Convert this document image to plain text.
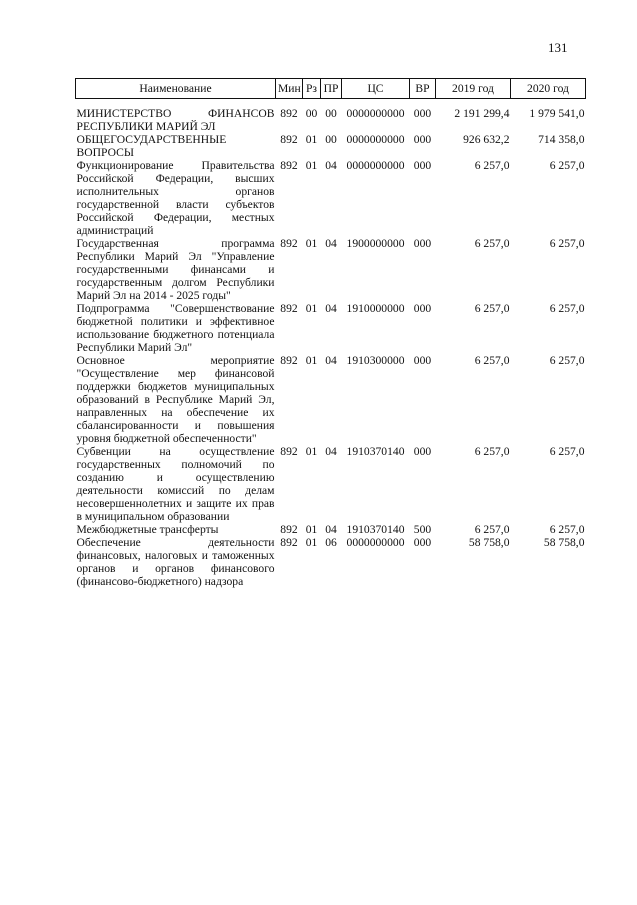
131
Наименование	Мин	Рз	ПР	ЦС	ВР	2019 год	2020 год
МИНИСТЕРСТВО ФИНАНСОВ РЕСПУБЛИКИ МАРИЙ ЭЛ	892	00	00	0000000000	000	2 191 299,4	1 979 541,0
ОБЩЕГОСУДАРСТВЕННЫЕ ВОПРОСЫ	892	01	00	0000000000	000	926 632,2	714 358,0
Функционирование Правительства Российской Федерации, высших исполнительных органов государственной власти субъектов Российской Федерации, местных администраций	892	01	04	0000000000	000	6 257,0	6 257,0
Государственная программа Республики Марий Эл "Управление государственными финансами и государственным долгом Республики Марий Эл на 2014 - 2025 годы"	892	01	04	1900000000	000	6 257,0	6 257,0
Подпрограмма "Совершенствование бюджетной политики и эффективное использование бюджетного потенциала Республики Марий Эл"	892	01	04	1910000000	000	6 257,0	6 257,0
Основное мероприятие "Осуществление мер финансовой поддержки бюджетов муниципальных образований в Республике Марий Эл, направленных на обеспечение их сбалансированности и повышения уровня бюджетной обеспеченности"	892	01	04	1910300000	000	6 257,0	6 257,0
Субвенции на осуществление государственных полномочий по созданию и осуществлению деятельности комиссий по делам несовершеннолетних и защите их прав в муниципальном образовании	892	01	04	1910370140	000	6 257,0	6 257,0
Межбюджетные трансферты	892	01	04	1910370140	500	6 257,0	6 257,0
Обеспечение деятельности финансовых, налоговых и таможенных органов и органов финансового (финансово-бюджетного) надзора	892	01	06	0000000000	000	58 758,0	58 758,0
